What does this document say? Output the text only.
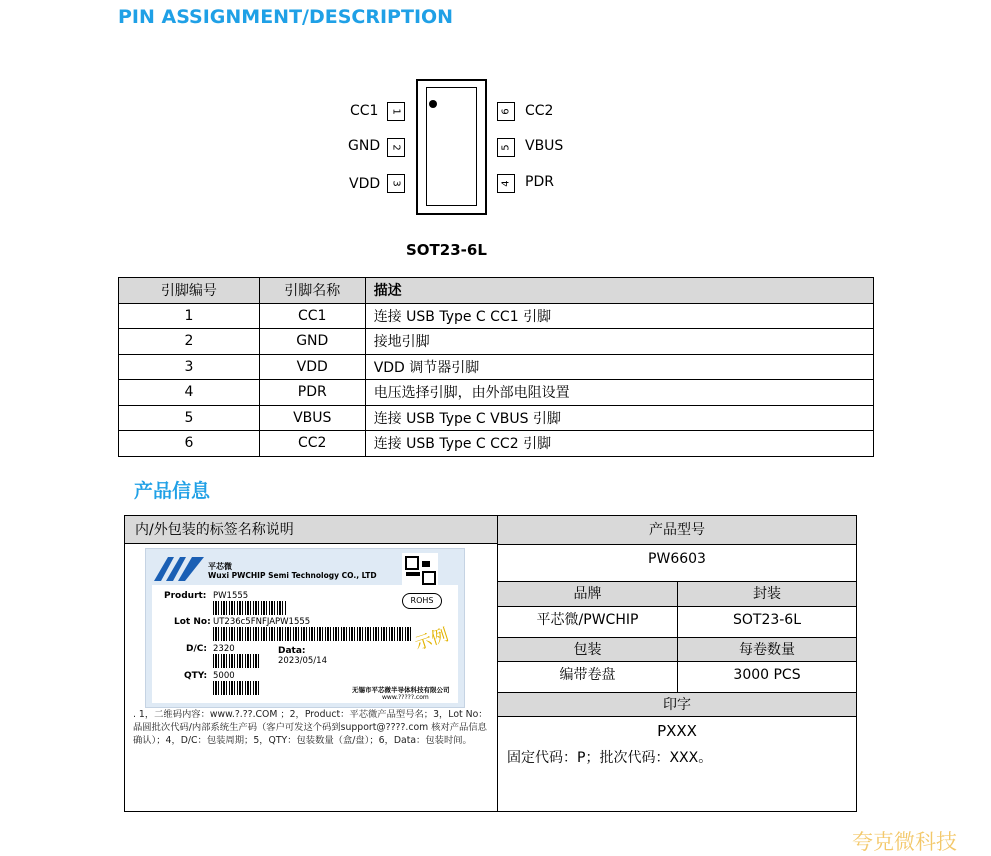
PIN ASSIGNMENT/DESCRIPTION
CC1 1
GND 2
VDD 3
6 CC2
5 VBUS
4 PDR
SOT23-6L
引脚编号	引脚名称	描述
1	CC1	连接 USB Type C CC1 引脚
2	GND	接地引脚
3	VDD	VDD 调节器引脚
4	PDR	电压选择引脚，由外部电阻设置
5	VBUS	连接 USB Type C VBUS 引脚
6	CC2	连接 USB Type C CC2 引脚
产品信息
内/外包装的标签名称说明
平芯微
Wuxi PWCHIP Semi Technology CO., LTD
Produrt: PW1555	ROHS
Lot No: UT236c5FNFJAPW1555
示例
D/C: 2320	Data:
2023/05/14
QTY: 5000
无锡市平芯微半导体科技有限公司
www.?????.com
. 1，二维码内容：www.?.??.COM ；2，Product：平芯微产品型号名；3，Lot No：晶圆批次代码/内部系统生产码（客户可发这个码到support@????.com 核对产品信息确认）；4，D/C：包装周期；5，QTY：包装数量（盒/盘）；6，Data：包装时间。
产品型号
PW6603
品牌	封装
平芯微/PWCHIP	SOT23-6L
包装	每卷数量
编带卷盘	3000 PCS
印字
PXXX
固定代码：P；批次代码：XXX。
夸克微科技
